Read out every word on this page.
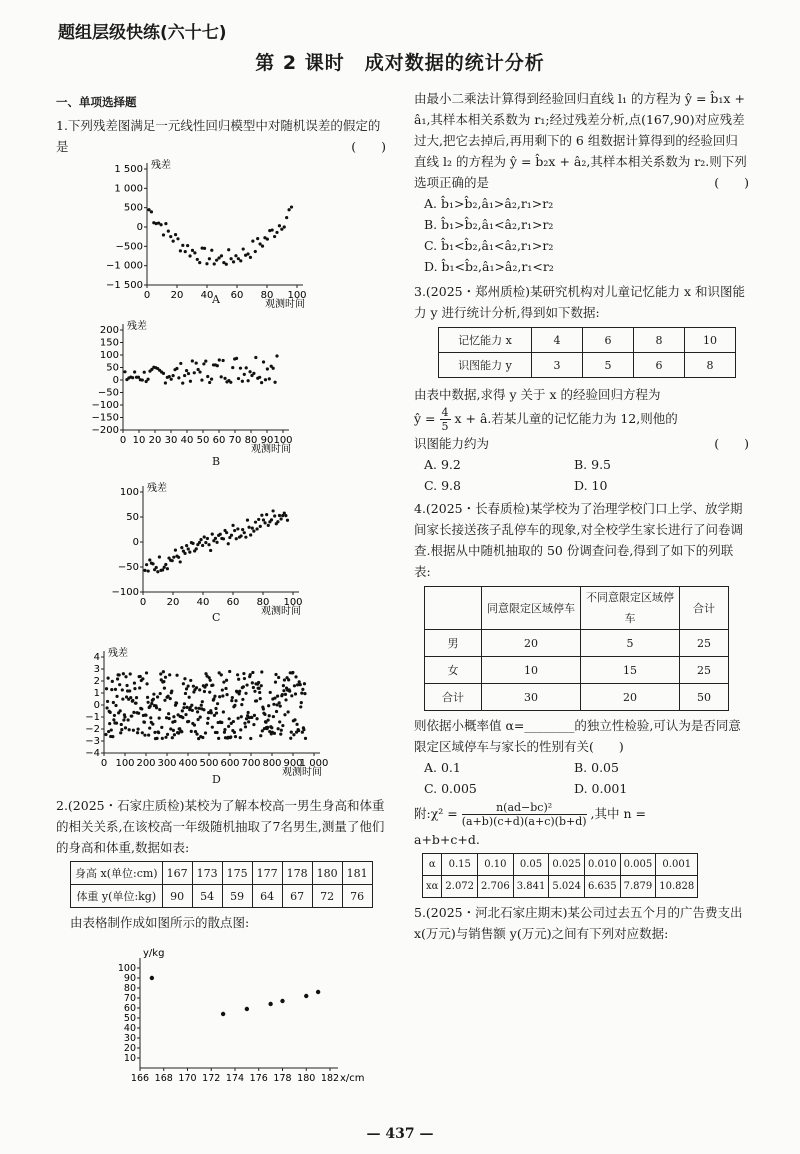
题组层级快练(六十七)
第 2 课时　成对数据的统计分析
一、单项选择题

1.下列残差图满足一元线性回归模型中对随机误差的假定的是	(　　)

1 500
1 000
500
0
−500
−1 000
−1 500
0 20 40 60 80 100
残差
观测时间
A
200
150
100
50
0
−50
−100
−150
−200
0 10 20 30 40 50 60 70 80 90 100
残差
观测时间
B
100
50
0
−50
−100
0 20 40 60 80 100
残差
观测时间
C
4
3
2
1
0
−1
−2
−3
−4
0 100 200 300 400 500 600 700 800 900
1 000
残差
观测时间
D

2.(2025・石家庄质检)某校为了解本校高一男生身高和体重的相关关系,在该校高一年级随机抽取了7名男生,测量了他们的身高和体重,数据如表:

身高 x(单位:cm)	167	173	175	177	178	180	181
体重 y(单位:kg)	90	54	59	64	67	72	76

由表格制作成如图所示的散点图:

100
90
80
70
60
50
40
30
20
10
166 168 170 172 174 176 178 180 182
y/kg
x/cm

由最小二乘法计算得到经验回归直线 l₁ 的方程为 ŷ = b̂₁x + â₁,其样本相关系数为 r₁;经过残差分析,点(167,90)对应残差过大,把它去掉后,再用剩下的 6 组数据计算得到的经验回归直线 l₂ 的方程为 ŷ = b̂₂x + â₂,其样本相关系数为 r₂.则下列选项正确的是	(　　)

A. b̂₁>b̂₂,â₁>â₂,r₁>r₂

B. b̂₁>b̂₂,â₁<â₂,r₁>r₂

C. b̂₁<b̂₂,â₁<â₂,r₁>r₂

D. b̂₁<b̂₂,â₁>â₂,r₁<r₂

3.(2025・郑州质检)某研究机构对儿童记忆能力 x 和识图能力 y 进行统计分析,得到如下数据:

记忆能力 x	4	6	8	10
识图能力 y	3	5	6	8

由表中数据,求得 y 关于 x 的经验回归方程为

ŷ = $\frac{4}{5}$ x + â.若某儿童的记忆能力为 12,则他的

识图能力约为	(　　)

A. 9.2	B. 9.5
C. 9.8	D. 10

4.(2025・长春质检)某学校为了治理学校门口上学、放学期间家长接送孩子乱停车的现象,对全校学生家长进行了问卷调查.根据从中随机抽取的 50 份调查问卷,得到了如下的列联表:

	同意限定区域停车	不同意限定区域停车	合计
男	20	5	25
女	10	15	25
合计	30	20	50

则依据小概率值 α=________的独立性检验,可认为是否同意限定区域停车与家长的性别有关(　　)

A. 0.1	B. 0.05
C. 0.005	D. 0.001

附:χ² = $\frac{\text{n(ad−bc)²}}{(a+b)(c+d)(a+c)(b+d)}$ ,其中 n =

a+b+c+d.

α	0.15	0.10	0.05	0.025	0.010	0.005	0.001
xα	2.072	2.706	3.841	5.024	6.635	7.879	10.828

5.(2025・河北石家庄期末)某公司过去五个月的广告费支出 x(万元)与销售额 y(万元)之间有下列对应数据:

— 437 —
